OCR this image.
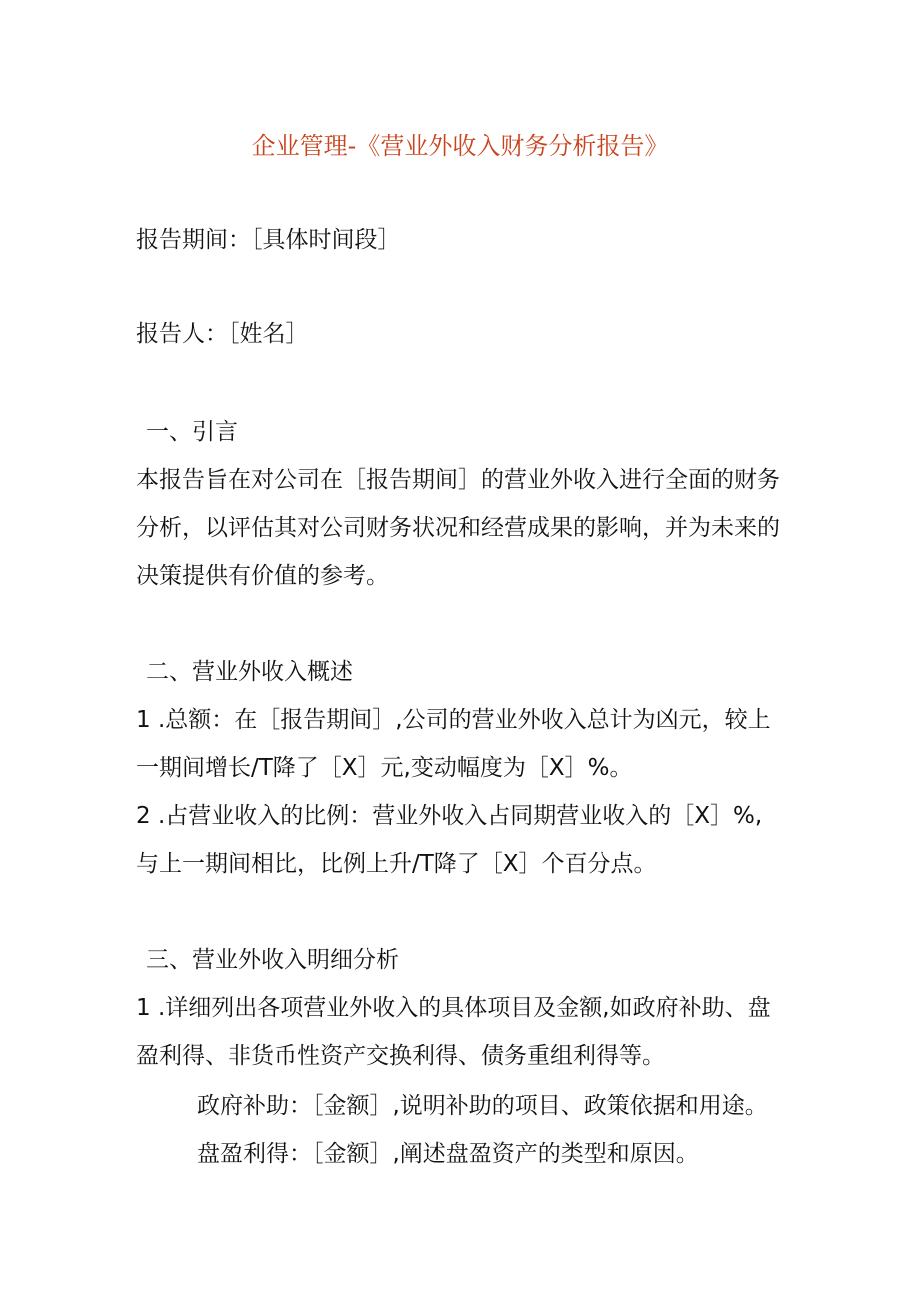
企业管理-《营业外收入财务分析报告》
报告期间：［具体时间段］
报告人：［姓名］
一、引言
本报告旨在对公司在［报告期间］的营业外收入进行全面的财务
分析，以评估其对公司财务状况和经营成果的影响，并为未来的
决策提供有价值的参考。
二、营业外收入概述
1 .总额：在［报告期间］,公司的营业外收入总计为凶元，较上
一期间增长/T降了［X］元,变动幅度为［X］%。
2 .占营业收入的比例：营业外收入占同期营业收入的［X］%,
与上一期间相比，比例上升/T降了［X］个百分点。
三、营业外收入明细分析
1 .详细列出各项营业外收入的具体项目及金额,如政府补助、盘
盈利得、非货币性资产交换利得、债务重组利得等。
政府补助：［金额］,说明补助的项目、政策依据和用途。
盘盈利得：［金额］,阐述盘盈资产的类型和原因。
